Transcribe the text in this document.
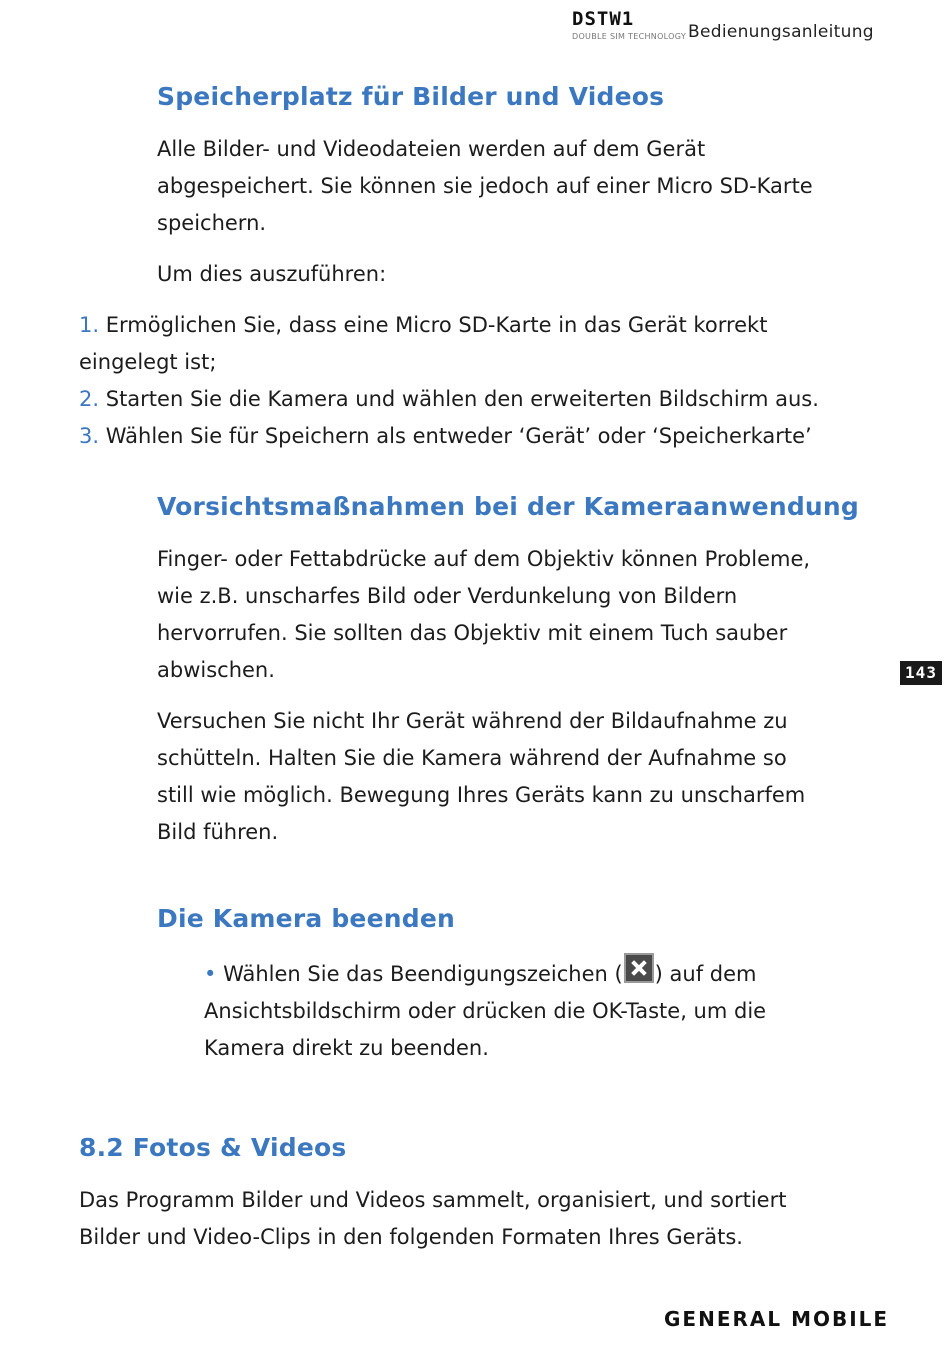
DSTW1
DOUBLE SIM TECHNOLOGY Bedienungsanleitung
Speicherplatz für Bilder und Videos

Alle Bilder- und Videodateien werden auf dem Gerät
abgespeichert. Sie können sie jedoch auf einer Micro SD-Karte
speichern.

Um dies auszuführen:

1. Ermöglichen Sie, dass eine Micro SD-Karte in das Gerät korrekt
eingelegt ist;
2. Starten Sie die Kamera und wählen den erweiterten Bildschirm aus.
3. Wählen Sie für Speichern als entweder ‘Gerät’ oder ‘Speicherkarte’

Vorsichtsmaßnahmen bei der Kameraanwendung

Finger- oder Fettabdrücke auf dem Objektiv können Probleme,
wie z.B. unscharfes Bild oder Verdunkelung von Bildern
hervorrufen. Sie sollten das Objektiv mit einem Tuch sauber
abwischen.

Versuchen Sie nicht Ihr Gerät während der Bildaufnahme zu
schütteln. Halten Sie die Kamera während der Aufnahme so
still wie möglich. Bewegung Ihres Geräts kann zu unscharfem
Bild führen.

143
Die Kamera beenden

• Wählen Sie das Beendigungszeichen ( ) auf dem
Ansichtsbildschirm oder drücken die OK-Taste, um die
Kamera direkt zu beenden.

8.2 Fotos & Videos

Das Programm Bilder und Videos sammelt, organisiert, und sortiert
Bilder und Video-Clips in den folgenden Formaten Ihres Geräts.

GENERAL MOBILE
